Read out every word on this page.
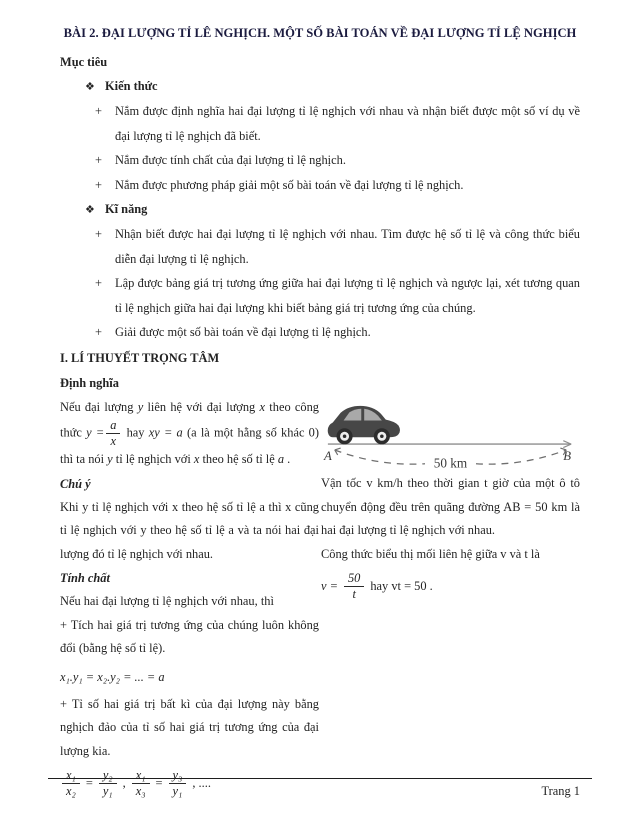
BÀI 2. ĐẠI LƯỢNG TỈ LÊ NGHỊCH. MỘT SỐ BÀI TOÁN VỀ ĐẠI LƯỢNG TỈ LỆ NGHỊCH
Mục tiêu
❖ Kiến thức
+	Nắm được định nghĩa hai đại lượng tỉ lệ nghịch với nhau và nhận biết được một số ví dụ về đại lượng tỉ lệ nghịch đã biết.
+	Nắm được tính chất của đại lượng tỉ lệ nghịch.
+	Nắm được phương pháp giải một số bài toán về đại lượng tỉ lệ nghịch.
❖ Kĩ năng
+	Nhận biết được hai đại lượng tỉ lệ nghịch với nhau. Tìm được hệ số tỉ lệ và công thức biểu diễn đại lượng tỉ lệ nghịch.
+	Lập được bảng giá trị tương ứng giữa hai đại lượng tỉ lệ nghịch và ngược lại, xét tương quan tỉ lệ nghịch giữa hai đại lượng khi biết bảng giá trị tương ứng của chúng.
+	Giải được một số bài toán về đại lượng tỉ lệ nghịch.
I. LÍ THUYẾT TRỌNG TÂM
Định nghĩa
Nếu đại lượng y liên hệ với đại lượng x theo công thức $y = \frac{a}{x}$ hay xy = a (a là một hằng số khác 0) thì ta nói y tỉ lệ nghịch với x theo hệ số tỉ lệ a .
Chú ý
Khi y tỉ lệ nghịch với x theo hệ số tỉ lệ a thì x cũng tỉ lệ nghịch với y theo hệ số tỉ lệ a và ta nói hai đại lượng đó tỉ lệ nghịch với nhau.
Tính chất
Nếu hai đại lượng tỉ lệ nghịch với nhau, thì
+ Tích hai giá trị tương ứng của chúng luôn không đổi (bằng hệ số tỉ lệ).
x₁.y₁ = x₂.y₂ = ... = a
+ Tỉ số hai giá trị bất kì của đại lượng này bằng nghịch đảo của tỉ số hai giá trị tương ứng của đại lượng kia.
$\frac{\text{x₁}}{\text{x₂}} = \frac{\text{y₂}}{\text{y₁}}$ , $\frac{\text{x₁}}{\text{x₃}} = \frac{\text{y₃}}{\text{y₁}}$ , ....
A	B
50 km
Vận tốc v km/h theo thời gian t giờ của một ô tô chuyển động đều trên quãng đường AB = 50 km là hai đại lượng tỉ lệ nghịch với nhau.
Công thức biểu thị mối liên hệ giữa v và t là
$v = \frac{50}{t}$ hay vt = 50 .
Trang 1
